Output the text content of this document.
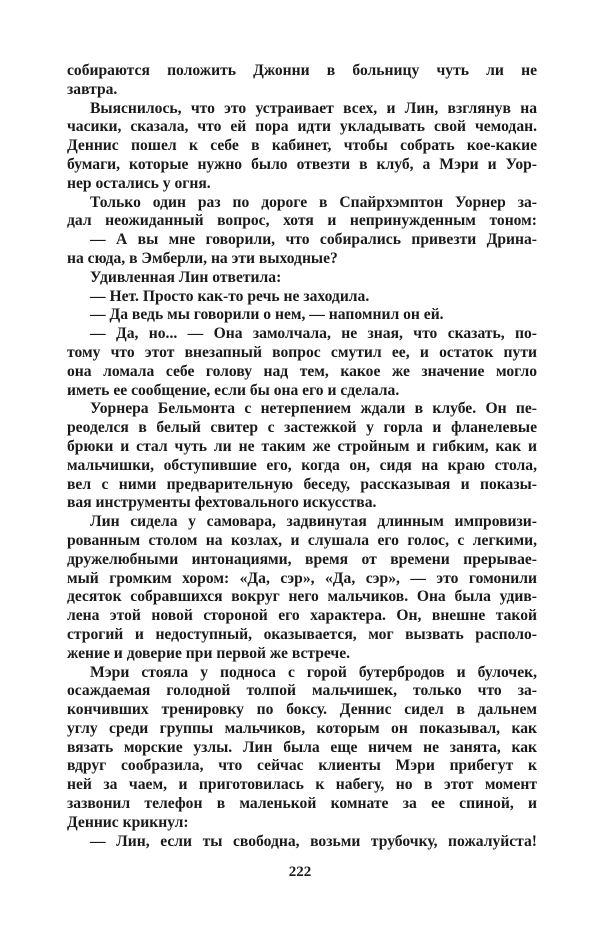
собираются положить Джонни в больницу чуть ли не
завтра.
Выяснилось, что это устраивает всех, и Лин, взглянув на
часики, сказала, что ей пора идти укладывать свой чемодан.
Деннис пошел к себе в кабинет, чтобы собрать кое-какие
бумаги, которые нужно было отвезти в клуб, а Мэри и Уор-
нер остались у огня.
Только один раз по дороге в Спайрхэмптон Уорнер за-
дал неожиданный вопрос, хотя и непринужденным тоном:
— А вы мне говорили, что собирались привезти Дрина-
на сюда, в Эмберли, на эти выходные?
Удивленная Лин ответила:
— Нет. Просто как-то речь не заходила.
— Да ведь мы говорили о нем, — напомнил он ей.
— Да, но... — Она замолчала, не зная, что сказать, по-
тому что этот внезапный вопрос смутил ее, и остаток пути
она ломала себе голову над тем, какое же значение могло
иметь ее сообщение, если бы она его и сделала.
Уорнера Бельмонта с нетерпением ждали в клубе. Он пе-
реоделся в белый свитер с застежкой у горла и фланелевые
брюки и стал чуть ли не таким же стройным и гибким, как и
мальчишки, обступившие его, когда он, сидя на краю стола,
вел с ними предварительную беседу, рассказывая и показы-
вая инструменты фехтовального искусства.
Лин сидела у самовара, задвинутая длинным импровизи-
рованным столом на козлах, и слушала его голос, с легкими,
дружелюбными интонациями, время от времени прерывае-
мый громким хором: «Да, сэр», «Да, сэр», — это гомонили
десяток собравшихся вокруг него мальчиков. Она была удив-
лена этой новой стороной его характера. Он, внешне такой
строгий и недоступный, оказывается, мог вызвать располо-
жение и доверие при первой же встрече.
Мэри стояла у подноса с горой бутербродов и булочек,
осаждаемая голодной толпой мальчишек, только что за-
кончивших тренировку по боксу. Деннис сидел в дальнем
углу среди группы мальчиков, которым он показывал, как
вязать морские узлы. Лин была еще ничем не занята, как
вдруг сообразила, что сейчас клиенты Мэри прибегут к
ней за чаем, и приготовилась к набегу, но в этот момент
зазвонил телефон в маленькой комнате за ее спиной, и
Деннис крикнул:
— Лин, если ты свободна, возьми трубочку, пожалуйста!
222
